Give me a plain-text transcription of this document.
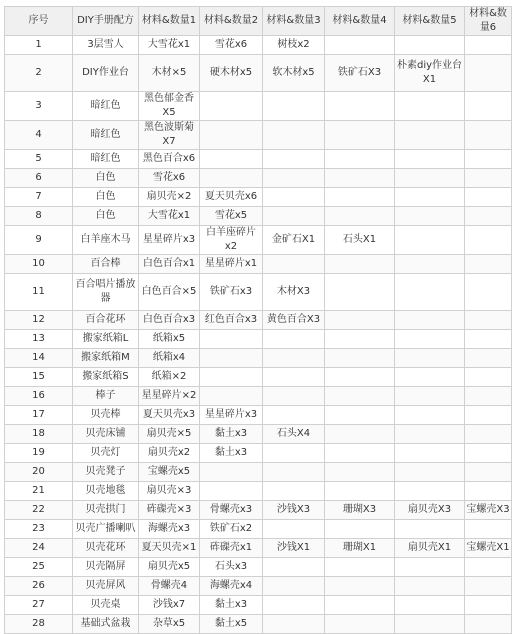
序号	DIY手册配方	材料&数量1	材料&数量2	材料&数量3	材料&数量4	材料&数量5	材料&数量6
1	3层雪人	大雪花x1	雪花x6	树枝x2			
2	DIY作业台	木材×5	硬木材x5	软木材x5	铁矿石X3	朴素diy作业台X1	
3	暗红色	黑色郁金香X5					
4	暗红色	黑色波斯菊X7					
5	暗红色	黑色百合x6					
6	白色	雪花x6					
7	白色	扇贝壳×2	夏天贝壳x6				
8	白色	大雪花x1	雪花x5				
9	白羊座木马	星星碎片x3	白羊座碎片x2	金矿石X1	石头X1		
10	百合棒	白色百合x1	星星碎片x1				
11	百合唱片播放器	白色百合×5	铁矿石x3	木材X3			
12	百合花环	白色百合x3	红色百合x3	黄色百合X3			
13	搬家纸箱L	纸箱x5					
14	搬家纸箱M	纸箱x4					
15	搬家纸箱S	纸箱×2					
16	棒子	星星碎片×2					
17	贝壳棒	夏天贝壳x3	星星碎片x3				
18	贝壳床铺	扇贝壳×5	黏土x3	石头X4			
19	贝壳灯	扇贝壳x2	黏土x3				
20	贝壳凳子	宝螺壳x5					
21	贝壳地毯	扇贝壳×3					
22	贝壳拱门	砗磲壳×3	骨螺壳x3	沙钱X3	珊瑚X3	扇贝壳X3	宝螺壳X3
23	贝壳广播喇叭	海螺壳x3	铁矿石x2				
24	贝壳花环	夏天贝壳×1	砗磲壳x1	沙钱X1	珊瑚X1	扇贝壳X1	宝螺壳X1
25	贝壳隔屏	扇贝壳x5	石头x3				
26	贝壳屏风	骨螺壳4	海螺壳x4				
27	贝壳桌	沙钱x7	黏土x3				
28	基础式盆栽	杂草x5	黏土x5				
